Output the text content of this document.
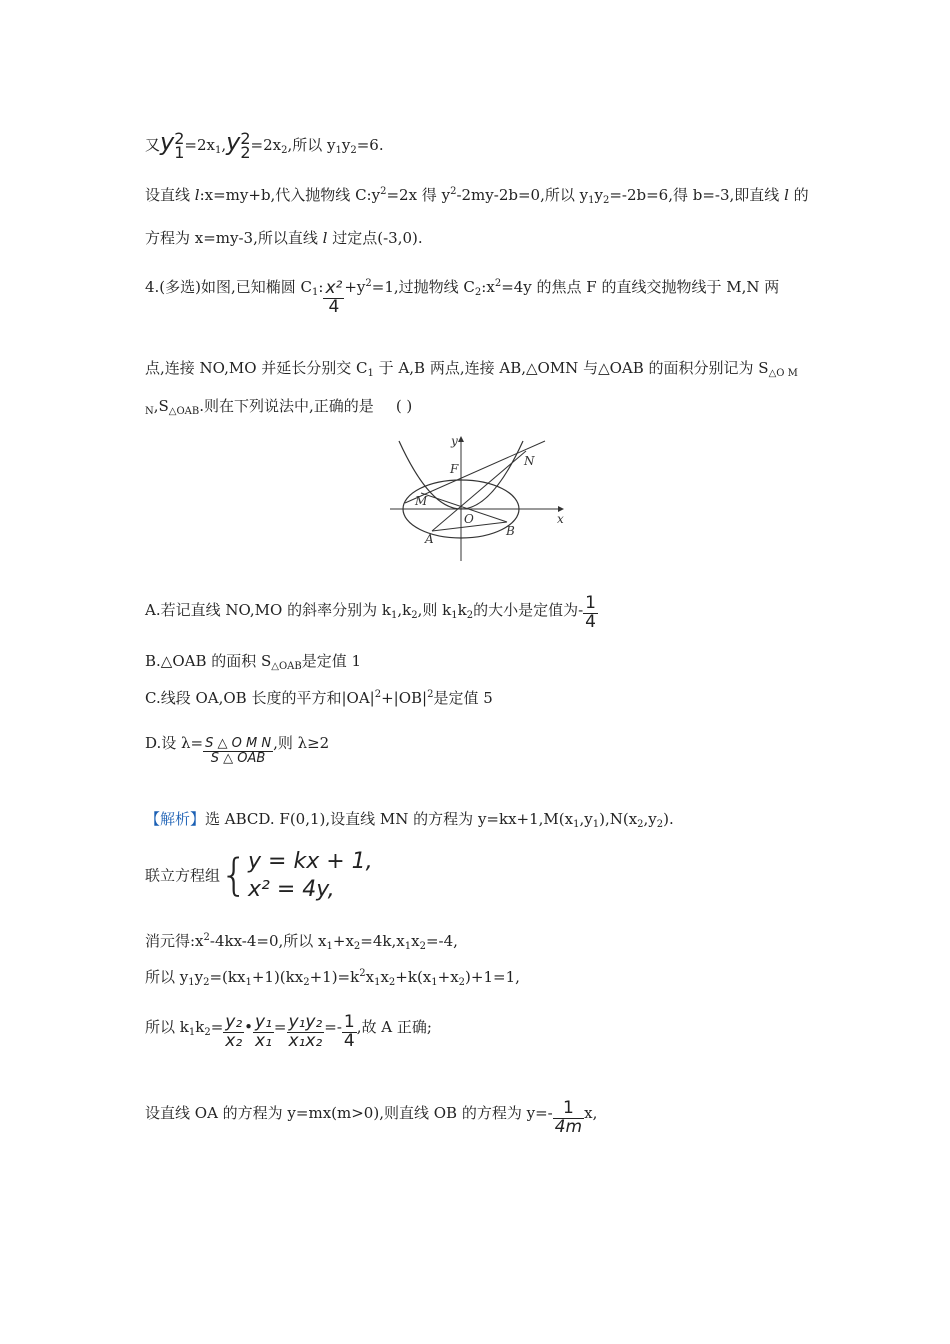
又y 2
$1 =2x_1,y$ 2
$2 =2x_2$,所以 $y_1y_2=6$.
设直线 l:x=my+b,代入抛物线 $C:y^2=2x$ 得 $y^2-2my-2b=0$,所以 $y_1y_2=-2b=6$,得 b=-3,即直线 l 的
方程为 x=my-3,所以直线 l 过定点(-3,0).
4.(多选)如图,已知椭圆 $C_1$: $\frac{\text{x²}}{4} +y^2=1$,过抛物线 $C_2:x^2=4y$ 的焦点 F 的直线交抛物线于 M,N 两
点,连接 NO,MO 并延长分别交 $C_1$ 于 A,B 两点,连接 AB,△OMN 与△OAB 的面积分别记为 $S_{\triangle O M}$
$_N,S_{\triangle OAB}$.则在下列说法中,正确的是 ( )
y
x
F
N
M
O
A
B
A.若记直线 NO,MO 的斜率分别为 $k_1,k_2$,则 $k_1k_2$的大小是定值为- $\frac{1}{4}$
B.△OAB 的面积 $S_{\triangle OAB}$是定值 1
C.线段 OA,OB 长度的平方和$|OA|^2+|OB|^2$是定值 5
D.设 $\lambda= \frac{\text{S △ O M N}}{\text{S △ OAB}}$ ,则 λ≥2
【解析】选 ABCD. F(0,1),设直线 MN 的方程为 $y=kx+1,M(x_1,y_1),N(x_2,y_2)$.
联立方程组{ y = kx + 1,
x² = 4y,
消元得$:x^2-4kx-4=0$,所以 $x_1+x_2=4k,x_1x_2=-4$,
所以 $y_1y_2=(kx_1+1)(kx_2+1)=k^2x_1x_2+k(x_1+x_2)+1=1$,
所以 $k_1k_2= \frac{\text{y₂}}{\text{x₂}}$ • $\frac{\text{y₁}}{\text{x₁}} = \frac{\text{y₁y₂}}{\text{x₁x₂}} =- \frac{1}{4}$ ,故 A 正确;
设直线 OA 的方程为 y=mx(m>0),则直线 OB 的方程为 $y=- \frac{1}{4m} x$,
